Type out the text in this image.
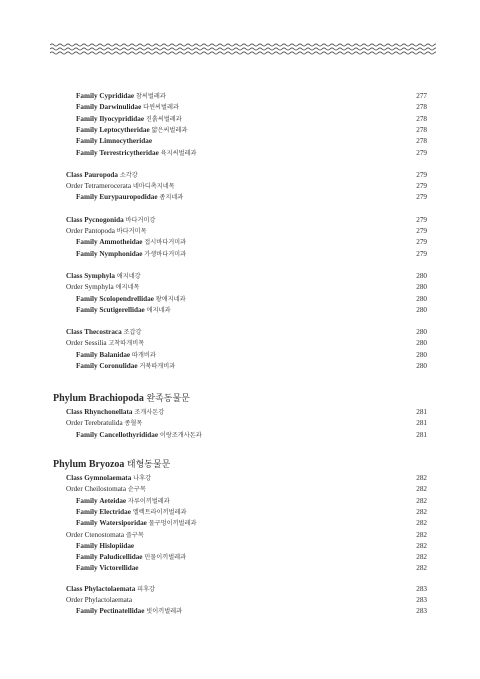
Family Cyprididae 참씨벌레과	277
Family Darwinulidae 다윈씨벌레과	278
Family Ilyocyprididae 진흙씨벌레과	278
Family Leptocytheridae 얇은씨벌레과	278
Family Limnocytheridae	278
Family Terrestricytheridae 육지씨벌레과	279
Class Pauropoda 소각강	279
Order Tetramerocerata 네마디촉지네목	279
Family Eurypauropodidae 좀지네과	279
Class Pycnogonida 바다거미강	279
Order Pantopoda 바다거미목	279
Family Ammotheidae 접시바다거미과	279
Family Nymphonidae 가생바다거미과	279
Class Symphyla 애지네강	280
Order Symphyla 애지네목	280
Family Scolopendrellidae 왕애지네과	280
Family Scutigerellidae 애지네과	280
Class Thecostraca 조갑강	280
Order Sessilia 고착따개비목	280
Family Balanidae 따개비과	280
Family Coronulidae 거북따개비과	280
Phylum Brachiopoda 완족동물문
Class Rhynchonellata 조개사돈강	281
Order Terebratulida 종혈목	281
Family Cancellothyrididae 이랑조개사돈과	281
Phylum Bryozoa 태형동물문
Class Gymnolaemata 나후강	282
Order Cheilostomata 순구목	282
Family Aeteidae 자루이끼벌레과	282
Family Electridae 엘렉트라이끼벌레과	282
Family Watersiporidae 물구멍이끼벌레과	282
Order Ctenostomata 즐구목	282
Family Hislopiidae	282
Family Paludicellidae 민물이끼벌레과	282
Family Victorellidae	282
Class Phylactolaemata 피후강	283
Order Phylactolaemata	283
Family Pectinatellidae 빗이끼벌레과	283
